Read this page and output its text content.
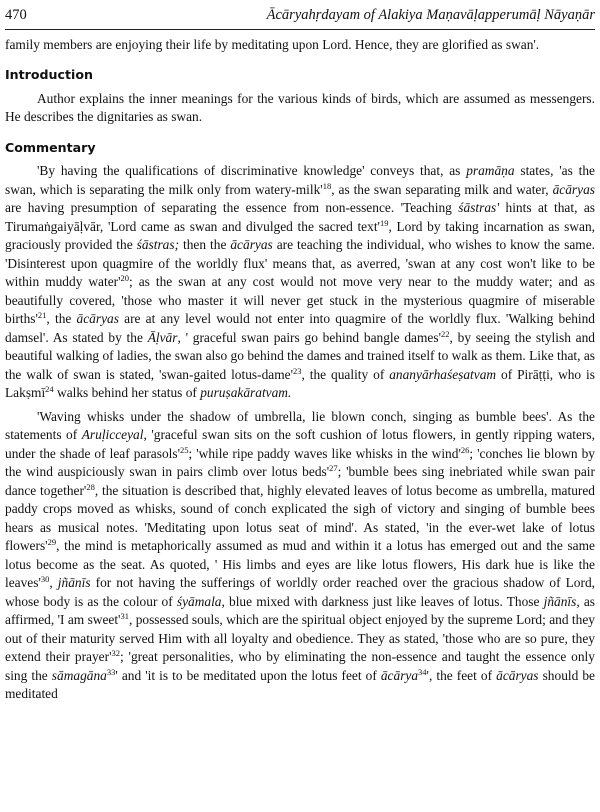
470	Ācāryahṛdayam of Alakiya Maṇavāḷapperumāḷ Nāyaṇār

family members are enjoying their life by meditating upon Lord. Hence, they are glorified as swan'.

Introduction

Author explains the inner meanings for the various kinds of birds, which are assumed as messengers. He describes the dignitaries as swan.

Commentary

'By having the qualifications of discriminative knowledge' conveys that, as pramāṇa states, 'as the swan, which is separating the milk only from watery-$milk'^{18}$, as the swan separating milk and water, ācāryas are having presumption of separating the essence from non-essence. 'Teaching śāstras' hints at that, as Tirumaṅgaiyāḷvār, 'Lord came as swan and divulged the sacred $text'^{19}$, Lord by taking incarnation as swan, graciously provided the śāstras; then the ācāryas are teaching the individual, who wishes to know the same. 'Disinterest upon quagmire of the worldly flux' means that, as averred, 'swan at any cost won't like to be within muddy $water'^{20}$; as the swan at any cost would not move very near to the muddy water; and as beautifully covered, 'those who master it will never get stuck in the mysterious quagmire of miserable $births'^{21}$, the ācāryas are at any level would not enter into quagmire of the worldly flux. 'Walking behind damsel'. As stated by the Āḷvār, ' graceful swan pairs go behind bangle $dames'^{22}$, by seeing the stylish and beautiful walking of ladies, the swan also go behind the dames and trained itself to walk as them. Like that, as the walk of swan is stated, 'swan-gaited lotus-$dame'^{23}$, the quality of ananyārhaśeṣatvam of Pirāṭṭi, who is Lakṣmī$^{24}$ walks behind her status of puruṣakāratvam.

'Waving whisks under the shadow of umbrella, lie blown conch, singing as bumble bees'. As the statements of Aruḷicceyal, 'graceful swan sits on the soft cushion of lotus flowers, in gently ripping waters, under the shade of leaf $parasols'^{25}$; 'while ripe paddy waves like whisks in the $wind'^{26}$; 'conches lie blown by the wind auspiciously swan in pairs climb over lotus $beds'^{27}$; 'bumble bees sing inebriated while swan pair dance $together'^{28}$, the situation is described that, highly elevated leaves of lotus become as umbrella, matured paddy crops moved as whisks, sound of conch explicated the sigh of victory and singing of bumble bees hears as musical notes. 'Meditating upon lotus seat of mind'. As stated, 'in the ever-wet lake of lotus $flowers'^{29}$, the mind is metaphorically assumed as mud and within it a lotus has emerged out and the same lotus become as the seat. As quoted, ' His limbs and eyes are like lotus flowers, His dark hue is like the $leaves'^{30}$, jñānīs for not having the sufferings of worldly order reached over the gracious shadow of Lord, whose body is as the colour of śyāmala, blue mixed with darkness just like leaves of lotus. Those jñānīs, as affirmed, 'I am $sweet'^{31}$, possessed souls, which are the spiritual object enjoyed by the supreme Lord; and they out of their maturity served Him with all loyalty and obedience. They as stated, 'those who are so pure, they extend their $prayer'^{32}$; 'great personalities, who by eliminating the non-essence and taught the essence only sing the sāmagāna$^{33}$' and 'it is to be meditated upon the lotus feet of ācārya$^{34}$', the feet of ācāryas should be meditated
